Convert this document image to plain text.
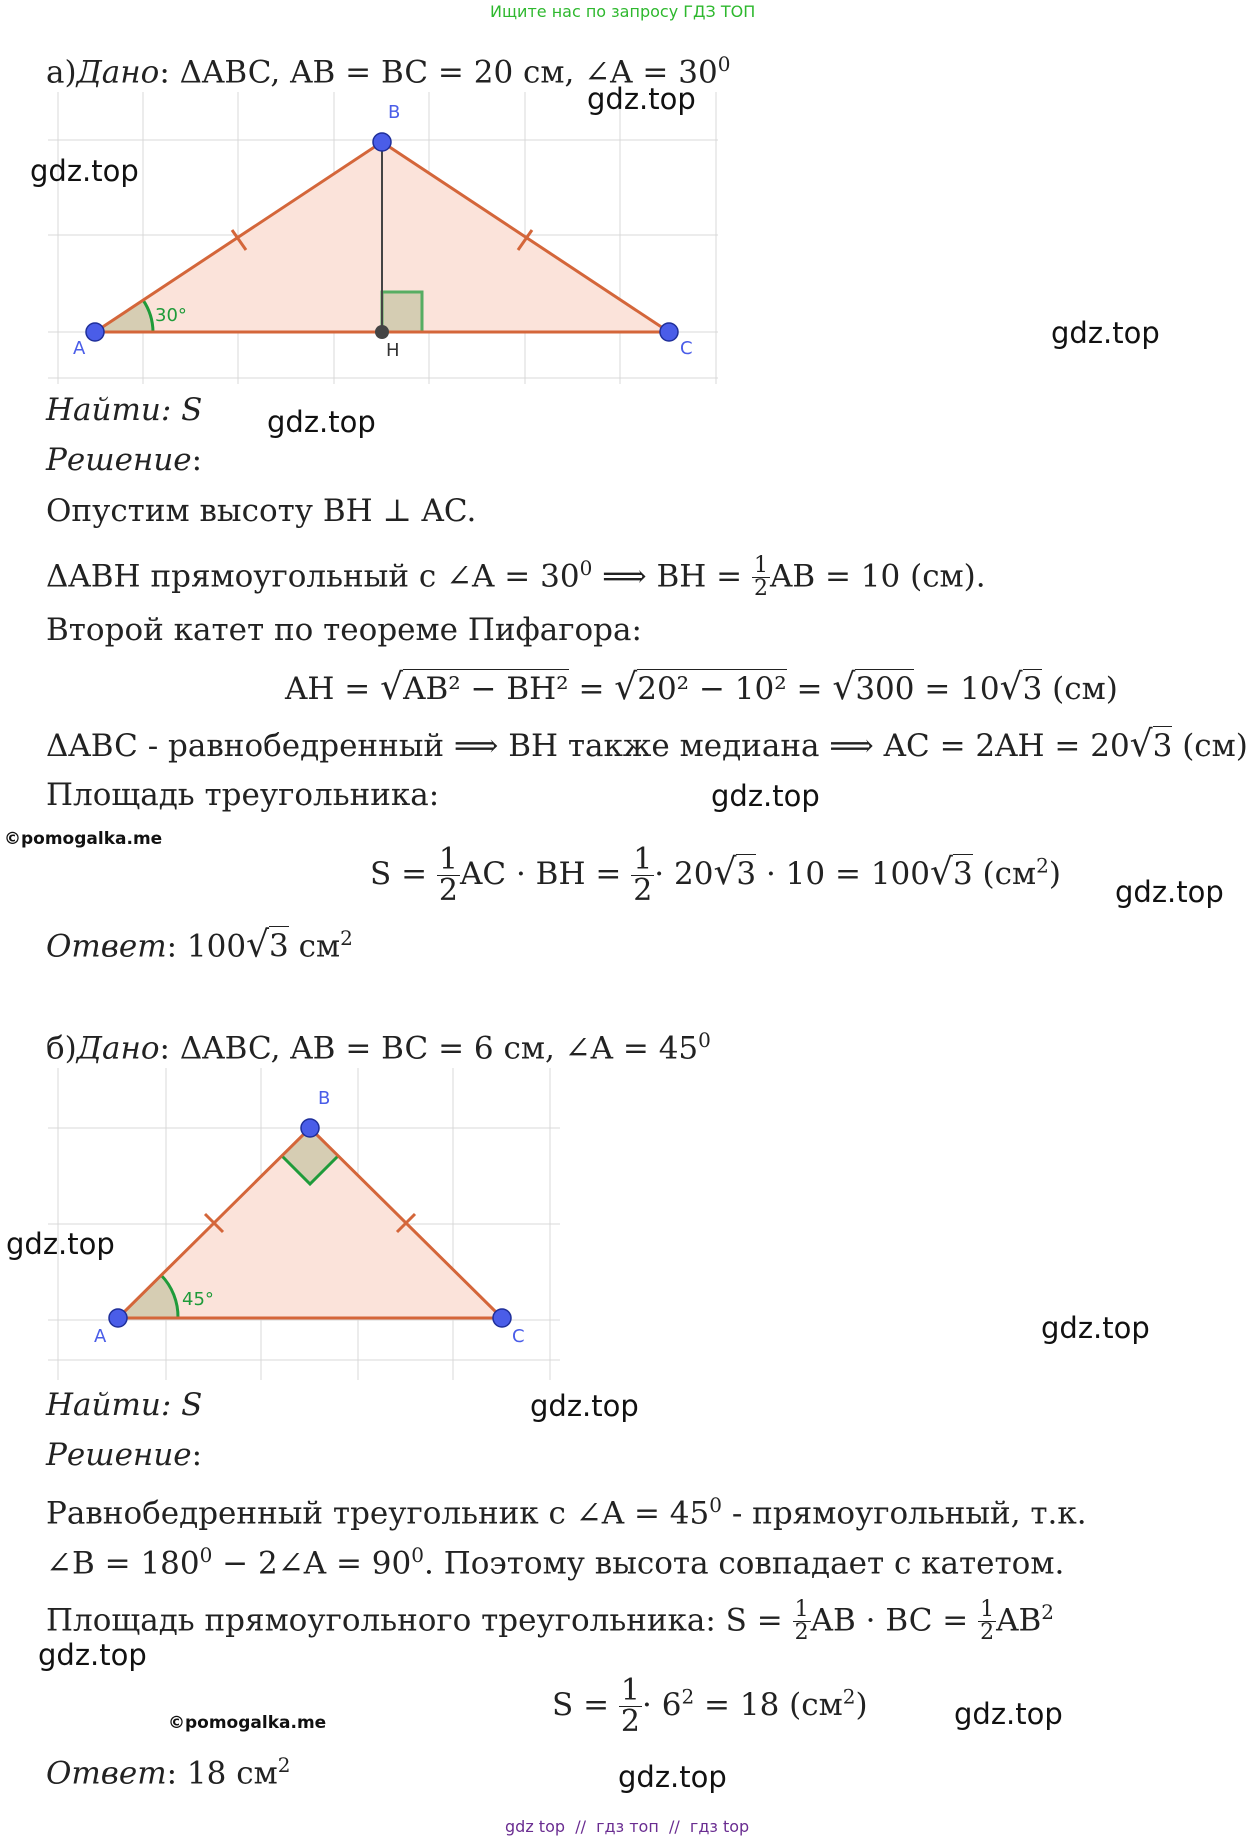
Ищите нас по запросу ГДЗ ТОП
а)Дано: ΔABC, AB = BC = 20 см, ∠A = $30^0$
30°
A
B
C
H
Найти: S
Решение:
Опустим высоту BH ⊥ AC.
ΔABH прямоугольный с ∠A = $30^0$ ⟹ BH = $\frac{1}{2}$ AB = 10 (см).
Второй катет по теореме Пифагора:
AH = √AB² − BH² = √20² − 10² = √300 = 10√3 (см)
ΔABC - равнобедренный ⟹ BH также медиана ⟹ AC = 2AH = 20√3 (см)
Площадь треугольника:
$S = \frac{1}{2}$ AC · BH = $\frac{1}{2} \cdot 20√3 \cdot 10 = 100√3$ $(см^2)$
Ответ: 100√3 $см^2$
б)Дано: ΔABC, AB = BC = 6 см, ∠A = $45^0$
45°
A
B
C
Найти: S
Решение:
Равнобедренный треугольник с ∠A = $45^0$ - прямоугольный, т.к.
∠B = $180^0$ − 2∠A = $90^0$. Поэтому высота совпадает с катетом.
Площадь прямоугольного треугольника: $S = \frac{1}{2}$ AB · BC = $\frac{1}{2} AB^2$
$S = \frac{1}{2} \cdot 6^2 = 18$ $(см^2)$
Ответ: 18 $см^2$
gdz.top
gdz.top
gdz.top
gdz.top
gdz.top
gdz.top
gdz.top
gdz.top
gdz.top
gdz.top
gdz.top
gdz.top
©pomogalka.me
©pomogalka.me
gdz top // гдз топ // гдз top
